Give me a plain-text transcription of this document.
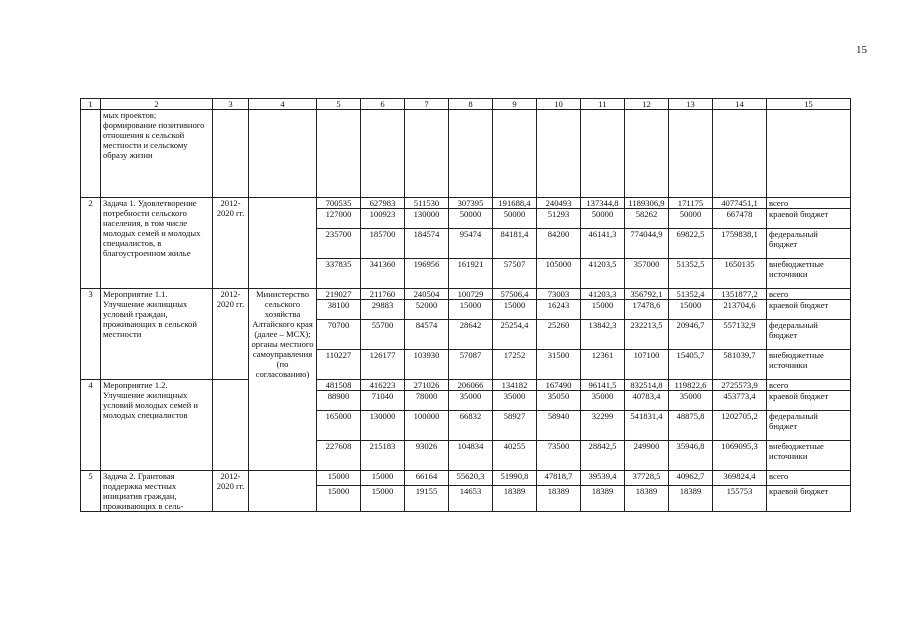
15
1	2	3	4	5	6	7	8	9	10	11	12	13	14	15
	мых проектов; формирование позитивного отношения к сельской местности и сельскому образу жизни													
2	Задача 1. Удовлетворение потребности сельского населения, в том числе молодых семей и молодых специалистов, в благоустроенном жилье	2012-2020 гг.		700535	627983	511530	307395	191688,4	240493	137344,8	1189306,9	171175	4077451,1	всего
				127000	100923	130000	50000	50000	51293	50000	58262	50000	667478	краевой бюджет
				235700	185700	184574	95474	84181,4	84200	46141,3	774044,9	69822,5	1759838,1	федеральный бюджет
				337835	341360	196956	161921	57507	105000	41203,5	357000	51352,5	1650135	внебюджетные источники
3	Мероприятие 1.1. Улучшение жилищных условий граждан, проживающих в сельской местности	2012-2020 гг.	Министерство сельского хозяйства Алтайского края (далее – МСХ); органы местного самоуправления (по согласованию)	219027	211760	240504	100729	57506,4	73003	41203,3	356792,1	51352,4	1351877,2	всего
				38100	29883	52000	15000	15000	16243	15000	17478,6	15000	213704,6	краевой бюджет
				70700	55700	84574	28642	25254,4	25260	13842,3	232213,5	20946,7	557132,9	федеральный бюджет
				110227	126177	103930	57087	17252	31500	12361	107100	15405,7	581039,7	внебюджетные источники
4	Мероприятие 1.2. Улучшение жилищных условий молодых семей и молодых специалистов			481508	416223	271026	206066	134182	167490	96141,5	832514,8	119822,6	2725573,9	всего
				88900	71040	78000	35000	35000	35050	35000	40783,4	35000	453773,4	краевой бюджет
				165000	130000	100000	66832	58927	58940	32299	541831,4	48875,8	1202705,2	федеральный бюджет
				227608	215183	93026	104834	40255	73500	28842,5	249900	35946,8	1069095,3	внебюджетные источники
5	Задача 2. Грантовая поддержка местных инициатив граждан, проживающих в сель-	2012-2020 гг.		15000	15000	66164	55620,3	51990,8	47818,7	39539,4	37728,5	40962,7	369824,4	всего
				15000	15000	19155	14653	18389	18389	18389	18389	18389	155753	краевой бюджет
